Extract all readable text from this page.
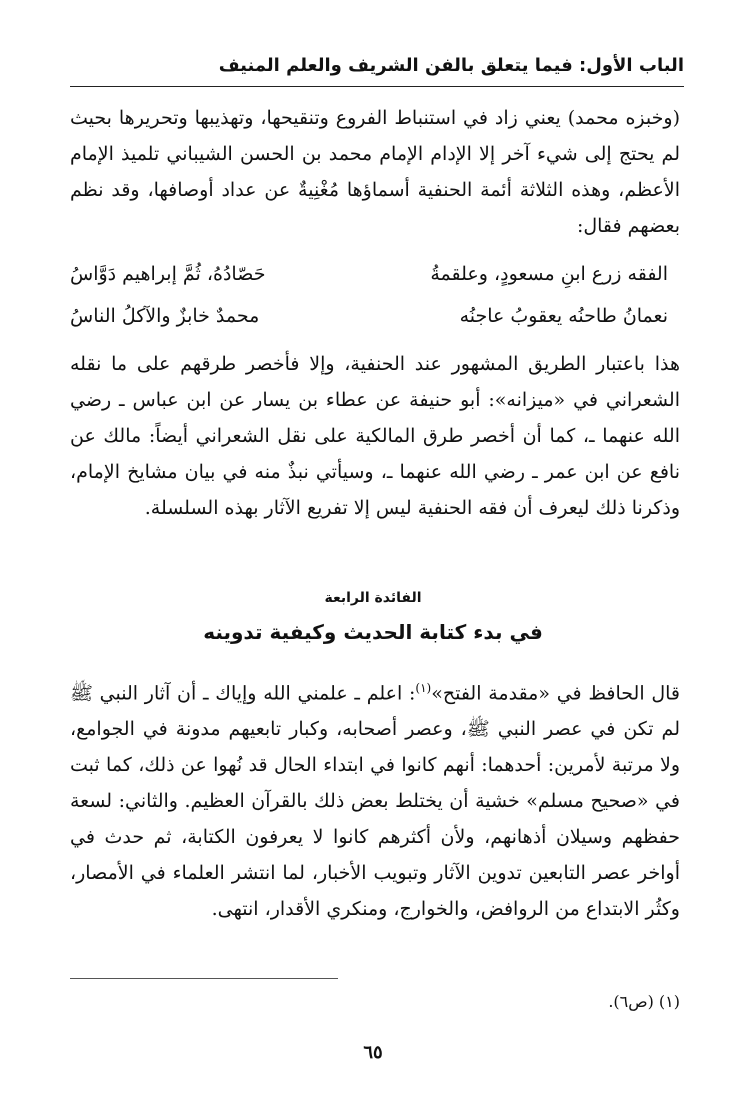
الباب الأول: فيما يتعلق بالفن الشريف والعلم المنيف
(وخبزه محمد) يعني زاد في استنباط الفروع وتنقيحها، وتهذيبها وتحريرها بحيث لم يحتج إلى شيء آخر إلا الإدام الإمام محمد بن الحسن الشيباني تلميذ الإمام الأعظم، وهذه الثلاثة أئمة الحنفية أسماؤها مُغْنِيةٌ عن عداد أوصافها، وقد نظم بعضهم فقال:
الفقه زرع ابنِ مسعودٍ، وعلقمةُ
حَصّادُهُ، ثُمَّ إبراهيم دَوَّاسُ
نعمانُ طاحنُه يعقوبُ عاجنُه
محمدٌ خابزٌ والآكلُ الناسُ
هذا باعتبار الطريق المشهور عند الحنفية، وإلا فأخصر طرقهم على ما نقله الشعراني في «ميزانه»: أبو حنيفة عن عطاء بن يسار عن ابن عباس ـ رضي الله عنهما ـ، كما أن أخصر طرق المالكية على نقل الشعراني أيضاً: مالك عن نافع عن ابن عمر ـ رضي الله عنهما ـ، وسيأتي نبذٌ منه في بيان مشايخ الإمام، وذكرنا ذلك ليعرف أن فقه الحنفية ليس إلا تفريع الآثار بهذه السلسلة.
الفائدة الرابعة
في بدء كتابة الحديث وكيفية تدوينه
قال الحافظ في «مقدمة الفتح»$^{(١)}$: اعلم ـ علمني الله وإياك ـ أن آثار النبي ﷺ لم تكن في عصر النبي ﷺ، وعصر أصحابه، وكبار تابعيهم مدونة في الجوامع، ولا مرتبة لأمرين: أحدهما: أنهم كانوا في ابتداء الحال قد نُهوا عن ذلك، كما ثبت في «صحيح مسلم» خشية أن يختلط بعض ذلك بالقرآن العظيم. والثاني: لسعة حفظهم وسيلان أذهانهم، ولأن أكثرهم كانوا لا يعرفون الكتابة، ثم حدث في أواخر عصر التابعين تدوين الآثار وتبويب الأخبار، لما انتشر العلماء في الأمصار، وكثُر الابتداع من الروافض، والخوارج، ومنكري الأقدار، انتهى.
(١) (ص٦).
٦٥
